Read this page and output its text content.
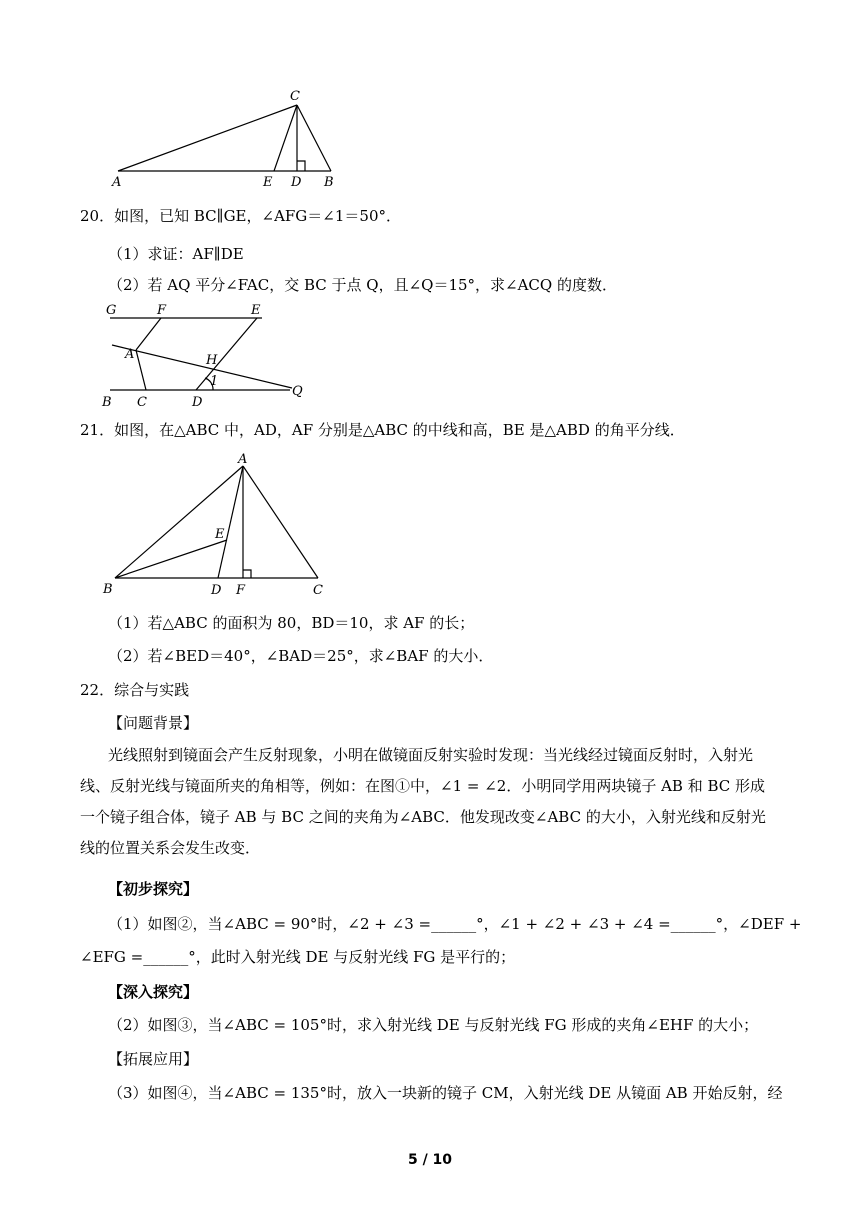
C
A	E D B
20．如图，已知 BC∥GE，∠AFG＝∠1＝50°．
（1）求证：AF∥DE
（2）若 AQ 平分∠FAC，交 BC 于点 Q，且∠Q＝15°，求∠ACQ 的度数．
G	F	E
A	H
1
Q
B C	D
21．如图，在△ABC 中，AD，AF 分别是△ABC 的中线和高，BE 是△ABD 的角平分线．
A
E
B	D F	C
（1）若△ABC 的面积为 80，BD＝10，求 AF 的长；
（2）若∠BED＝40°，∠BAD＝25°，求∠BAF 的大小．
22．综合与实践
【问题背景】
光线照射到镜面会产生反射现象，小明在做镜面反射实验时发现：当光线经过镜面反射时，入射光线、反射光线与镜面所夹的角相等，例如：在图①中，∠1 = ∠2．小明同学用两块镜子 AB 和 BC 形成一个镜子组合体，镜子 AB 与 BC 之间的夹角为∠ABC．他发现改变∠ABC 的大小，入射光线和反射光线的位置关系会发生改变．
【初步探究】
（1）如图②，当∠ABC = 90°时，∠2 + ∠3 =______°，∠1 + ∠2 + ∠3 + ∠4 =______°，∠DEF +
∠EFG =______°，此时入射光线 DE 与反射光线 FG 是平行的；
【深入探究】
（2）如图③，当∠ABC = 105°时，求入射光线 DE 与反射光线 FG 形成的夹角∠EHF 的大小；
【拓展应用】
（3）如图④，当∠ABC = 135°时，放入一块新的镜子 CM，入射光线 DE 从镜面 AB 开始反射，经
5 / 10
